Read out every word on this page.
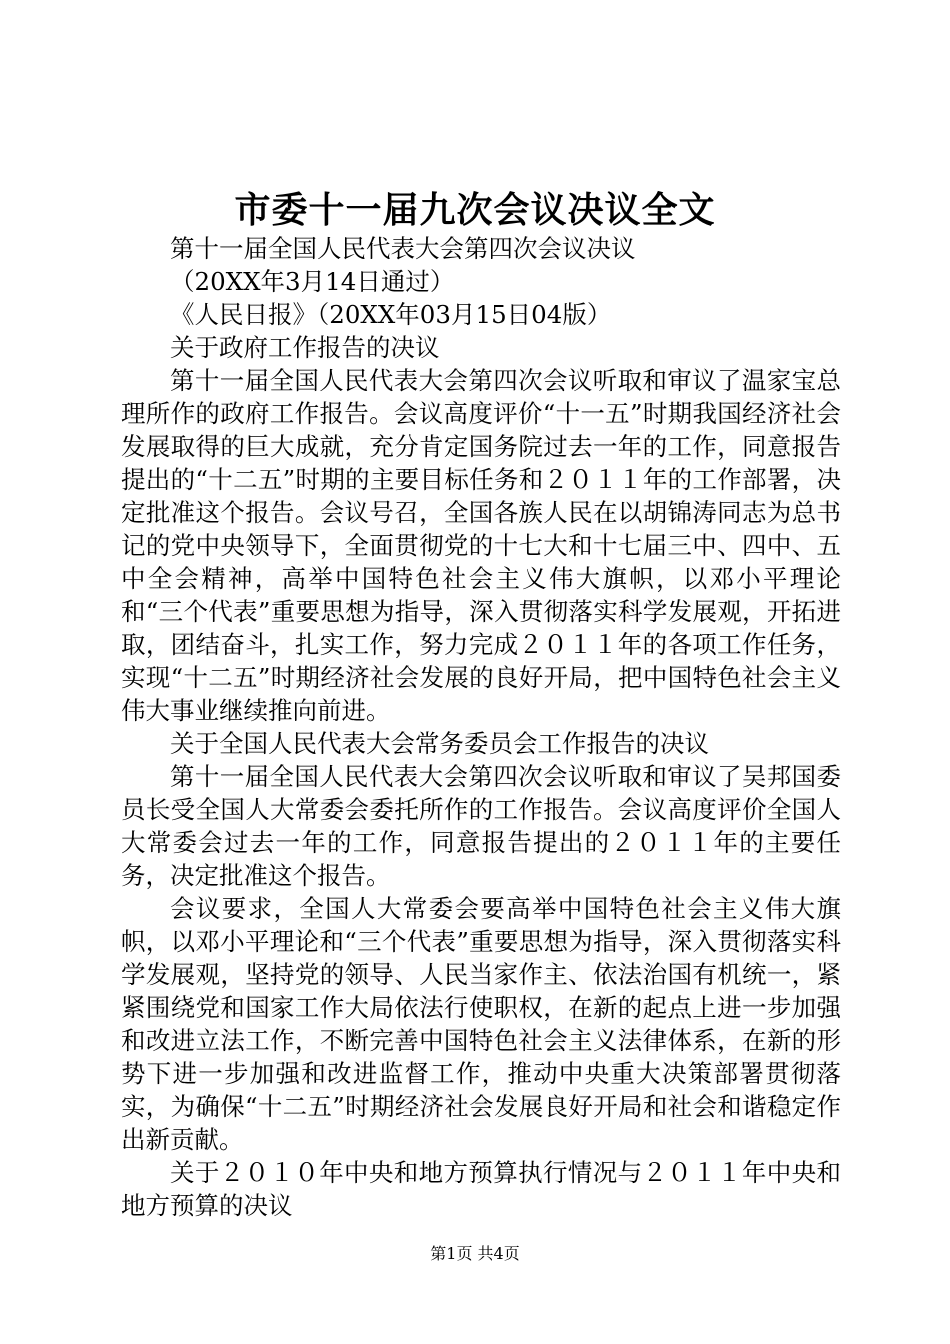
市委十一届九次会议决议全文

第十一届全国人民代表大会第四次会议决议

（20XX年3月14日通过）

《人民日报》（20XX年03月15日04版）

关于政府工作报告的决议

第十一届全国人民代表大会第四次会议听取和审议了温家宝总理所作的政府工作报告。会议高度评价“十一五”时期我国经济社会发展取得的巨大成就，充分肯定国务院过去一年的工作，同意报告提出的“十二五”时期的主要目标任务和２０１１年的工作部署，决定批准这个报告。会议号召，全国各族人民在以胡锦涛同志为总书记的党中央领导下，全面贯彻党的十七大和十七届三中、四中、五中全会精神，高举中国特色社会主义伟大旗帜，以邓小平理论和“三个代表”重要思想为指导，深入贯彻落实科学发展观，开拓进取，团结奋斗，扎实工作，努力完成２０１１年的各项工作任务，实现“十二五”时期经济社会发展的良好开局，把中国特色社会主义伟大事业继续推向前进。

关于全国人民代表大会常务委员会工作报告的决议

第十一届全国人民代表大会第四次会议听取和审议了吴邦国委员长受全国人大常委会委托所作的工作报告。会议高度评价全国人大常委会过去一年的工作，同意报告提出的２０１１年的主要任务，决定批准这个报告。

会议要求，全国人大常委会要高举中国特色社会主义伟大旗帜，以邓小平理论和“三个代表”重要思想为指导，深入贯彻落实科学发展观，坚持党的领导、人民当家作主、依法治国有机统一，紧紧围绕党和国家工作大局依法行使职权，在新的起点上进一步加强和改进立法工作，不断完善中国特色社会主义法律体系，在新的形势下进一步加强和改进监督工作，推动中央重大决策部署贯彻落实，为确保“十二五”时期经济社会发展良好开局和社会和谐稳定作出新贡献。

关于２０１０年中央和地方预算执行情况与２０１１年中央和地方预算的决议

第1页 共4页
